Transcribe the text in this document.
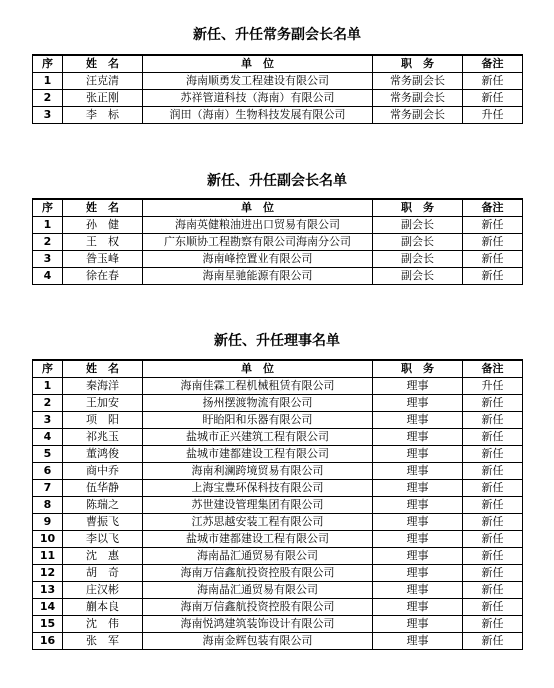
新任、升任常务副会长名单
序	姓　名	单　位	职　务	备注
1	汪克清	海南顺勇发工程建设有限公司	常务副会长	新任
2	张正刚	苏祥管道科技（海南）有限公司	常务副会长	新任
3	李　标	润田（海南）生物科技发展有限公司	常务副会长	升任
新任、升任副会长名单
序	姓　名	单　位	职　务	备注
1	孙　健	海南英健粮油进出口贸易有限公司	副会长	新任
2	王　权	广东顺协工程勘察有限公司海南分公司	副会长	新任
3	昝玉峰	海南峰控置业有限公司	副会长	新任
4	徐在春	海南星驰能源有限公司	副会长	新任
新任、升任理事名单
序	姓　名	单　位	职　务	备注
1	秦海洋	海南佳霖工程机械租赁有限公司	理事	升任
2	王加安	扬州摆渡物流有限公司	理事	新任
3	项　阳	盱眙阳和乐器有限公司	理事	新任
4	祁兆玉	盐城市正兴建筑工程有限公司	理事	新任
5	董鸿俊	盐城市建都建设工程有限公司	理事	新任
6	商中乔	海南利澜跨境贸易有限公司	理事	新任
7	伍华静	上海宝豊环保科技有限公司	理事	新任
8	陈瑞之	苏世建设管理集团有限公司	理事	新任
9	曹振飞	江苏思越安装工程有限公司	理事	新任
10	李以飞	盐城市建都建设工程有限公司	理事	新任
11	沈　惠	海南晶汇通贸易有限公司	理事	新任
12	胡　奇	海南万信鑫航投资控股有限公司	理事	新任
13	庄汉彬	海南晶汇通贸易有限公司	理事	新任
14	蒯本良	海南万信鑫航投资控股有限公司	理事	新任
15	沈　伟	海南悦鸿建筑装饰设计有限公司	理事	新任
16	张　军	海南金辉包装有限公司	理事	新任
